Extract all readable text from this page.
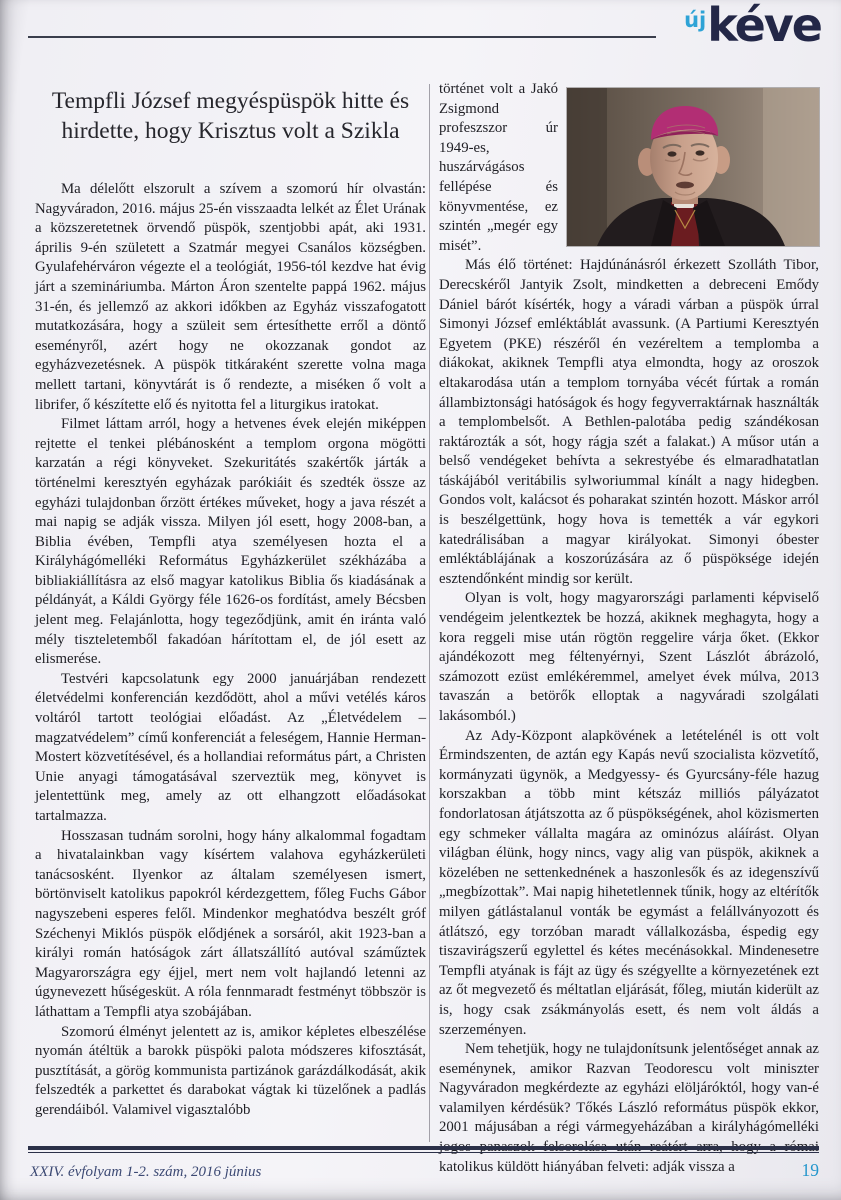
új kéve
Tempfli József megyéspüspök hitte és
hirdette, hogy Krisztus volt a Szikla

Ma délelőtt elszorult a szívem a szomorú hír olvastán: Nagyváradon, 2016. május 25-én visszaadta lelkét az Élet Urának a közszeretetnek örvendő püspök, szentjobbi apát, aki 1931. április 9-én született a Szatmár megyei Csanálos községben. Gyulafehérváron végezte el a teológiát, 1956-tól kezdve hat évig járt a szemináriumba. Márton Áron szentelte pappá 1962. május 31-én, és jellemző az akkori időkben az Egyház visszafogatott mutatkozására, hogy a szüleit sem értesíthette erről a döntő eseményről, azért hogy ne okozzanak gondot az egyházvezetésnek. A püspök titkáraként szerette volna maga mellett tartani, könyvtárát is ő rendezte, a miséken ő volt a librifer, ő készítette elő és nyitotta fel a liturgikus iratokat.

Filmet láttam arról, hogy a hetvenes évek elején miképpen rejtette el tenkei plébánosként a templom orgona mögötti karzatán a régi könyveket. Szekuritátés szakértők járták a történelmi keresztyén egyházak parókiáit és szedték össze az egyházi tulajdonban őrzött értékes műveket, hogy a java részét a mai napig se adják vissza. Milyen jól esett, hogy 2008-ban, a Biblia évében, Tempfli atya személyesen hozta el a Királyhágómelléki Református Egyházkerület székházába a bibliakiállításra az első magyar katolikus Biblia ős kiadásának a példányát, a Káldi György féle 1626-os fordítást, amely Bécsben jelent meg. Felajánlotta, hogy tegeződjünk, amit én iránta való mély tiszteletemből fakadóan hárítottam el, de jól esett az elismerése.

Testvéri kapcsolatunk egy 2000 januárjában rendezett életvédelmi konferencián kezdődött, ahol a művi vetélés káros voltáról tartott teológiai előadást. Az „Életvédelem – magzatvédelem” című konferenciát a feleségem, Hannie Herman-Mostert közvetítésével, és a hollandiai református párt, a Christen Unie anyagi támogatásával szerveztük meg, könyvet is jelentettünk meg, amely az ott elhangzott előadásokat tartalmazza.

Hosszasan tudnám sorolni, hogy hány alkalommal fogadtam a hivatalainkban vagy kísértem valahova egyházkerületi tanácsosként. Ilyenkor az általam személyesen ismert, börtönviselt katolikus papokról kérdezgettem, főleg Fuchs Gábor nagyszebeni esperes felől. Mindenkor meghatódva beszélt gróf Széchenyi Miklós püspök elődjének a sorsáról, akit 1923-ban a királyi román hatóságok zárt állatszállító autóval száműztek Magyarországra egy éjjel, mert nem volt hajlandó letenni az úgynevezett hűségesküt. A róla fennmaradt festményt többször is láthattam a Tempfli atya szobájában.

Szomorú élményt jelentett az is, amikor képletes elbeszélése nyomán átéltük a barokk püspöki palota módszeres kifosztását, pusztítását, a görög kommunista partizánok garázdálkodását, akik felszedték a parkettet és darabokat vágtak ki tüzelőnek a padlás gerendáiból. Valamivel vigasztalóbb

történet volt a Jakó Zsigmond profeszszor úr 1949-es, huszárvágásos fellépése és könyvmentése, ez szintén „megér egy misét”.

Más élő történet: Hajdúnánásról érkezett Szolláth Tibor, Derecskéről Jantyik Zsolt, mindketten a debreceni Emődy Dániel bárót kísérték, hogy a váradi várban a püspök úrral Simonyi József emléktáblát avassunk. (A Partiumi Keresztyén Egyetem (PKE) részéről én vezéreltem a templomba a diákokat, akiknek Tempfli atya elmondta, hogy az oroszok eltakarodása után a templom tornyába vécét fúrtak a román állambiztonsági hatóságok és hogy fegyverraktárnak használták a templombelsőt. A Bethlen-palotába pedig szándékosan raktározták a sót, hogy rágja szét a falakat.) A műsor után a belső vendégeket behívta a sekrestyébe és elmaradhatatlan táskájából veritábilis sylworiummal kínált a nagy hidegben. Gondos volt, kalácsot és poharakat szintén hozott. Máskor arról is beszélgettünk, hogy hova is temették a vár egykori katedrálisában a magyar királyokat. Simonyi óbester emléktáblájának a koszorúzására az ő püspöksége idején esztendőnként mindig sor került.

Olyan is volt, hogy magyarországi parlamenti képviselő vendégeim jelentkeztek be hozzá, akiknek meghagyta, hogy a kora reggeli mise után rögtön reggelire várja őket. (Ekkor ajándékozott meg féltenyérnyi, Szent Lászlót ábrázoló, számozott ezüst emlékéremmel, amelyet évek múlva, 2013 tavaszán a betörők elloptak a nagyváradi szolgálati lakásomból.)

Az Ady-Központ alapkövének a letételénél is ott volt Érmindszenten, de aztán egy Kapás nevű szocialista közvetítő, kormányzati ügynök, a Medgyessy- és Gyurcsány-féle hazug korszakban a több mint kétszáz milliós pályázatot fondorlatosan átjátszotta az ő püspökségének, ahol közismerten egy schmeker vállalta magára az ominózus aláírást. Olyan világban élünk, hogy nincs, vagy alig van püspök, akiknek a közelében ne settenkednének a haszonlesők és az idegenszívű „megbízottak”. Mai napig hihetetlennek tűnik, hogy az eltérítők milyen gátlástalanul vonták be egymást a felállványozott és átlátszó, egy torzóban maradt vállalkozásba, éspedig egy tiszavirágszerű egylettel és kétes mecénásokkal. Mindenesetre Tempfli atyának is fájt az ügy és szégyellte a környezetének ezt az őt megvezető és méltatlan eljárását, főleg, miután kiderült az is, hogy csak zsákmányolás esett, és nem volt áldás a szerzeményen.

Nem tehetjük, hogy ne tulajdonítsunk jelentőséget annak az eseménynek, amikor Razvan Teodorescu volt miniszter Nagyváradon megkérdezte az egyházi elöljáróktól, hogy van-é valamilyen kérdésük? Tőkés László református püspök ekkor, 2001 májusában a régi vármegyeházában a királyhágómelléki jogos panaszok felsorolása után reátért arra, hogy a római katolikus küldött hiányában felveti: adják vissza a

XXIV. évfolyam 1-2. szám, 2016 június	19
